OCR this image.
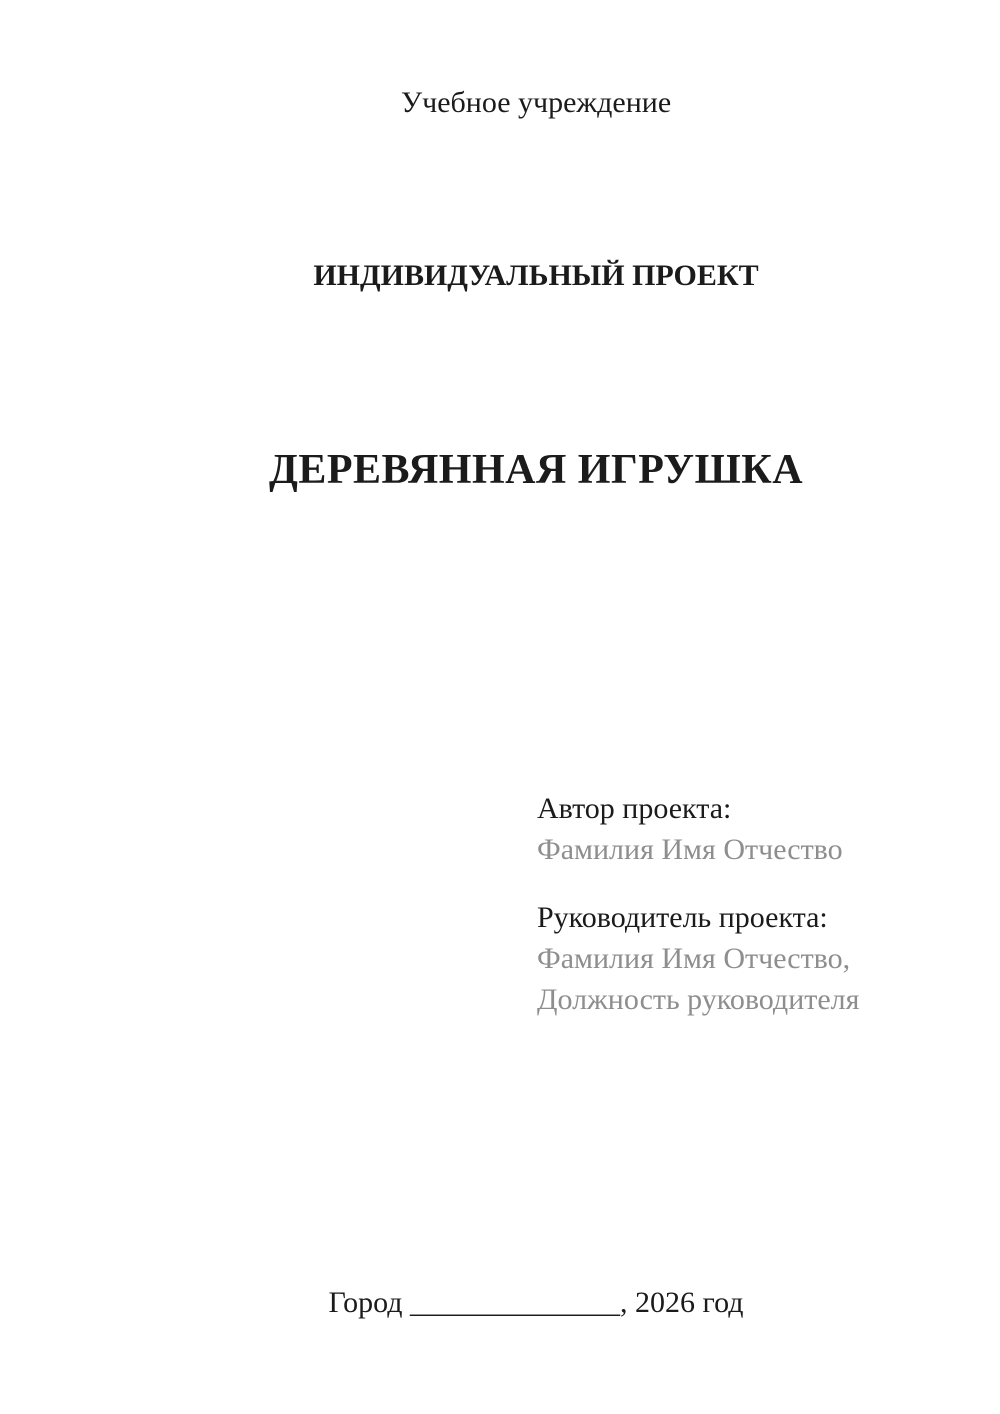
Учебное учреждение
ИНДИВИДУАЛЬНЫЙ ПРОЕКТ
ДЕРЕВЯННАЯ ИГРУШКА
Автор проекта:
Фамилия Имя Отчество
Руководитель проекта:
Фамилия Имя Отчество,
Должность руководителя
Город ______________, 2026 год
